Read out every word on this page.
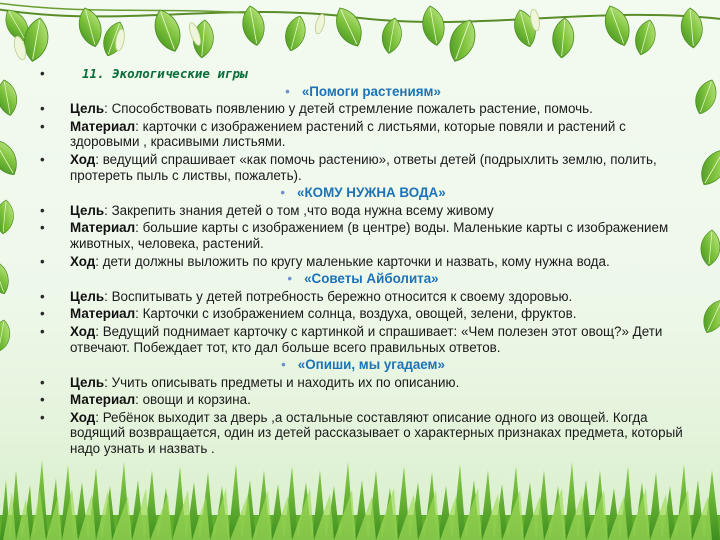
•	11. Экологические игры
• «Помоги растениям»
• Цель: Способствовать появлению у детей стремление пожалеть растение, помочь.
• Материал: карточки с изображением растений с листьями, которые повяли и растений с здоровыми , красивыми листьями.
• Ход: ведущий спрашивает «как помочь растению», ответы детей (подрыхлить землю, полить, протереть пыль с листвы, пожалеть).
• «КОМУ НУЖНА ВОДА»
• Цель: Закрепить знания детей о том ,что вода нужна всему живому
• Материал: большие карты с изображением (в центре) воды. Маленькие карты с изображением животных, человека, растений.
• Ход: дети должны выложить по кругу маленькие карточки и назвать, кому нужна вода.
• «Советы Айболита»
• Цель: Воспитывать у детей потребность бережно относится к своему здоровью.
• Материал: Карточки с изображением солнца, воздуха, овощей, зелени, фруктов.
• Ход: Ведущий поднимает карточку с картинкой и спрашивает: «Чем полезен этот овощ?» Дети отвечают. Побеждает тот, кто дал больше всего правильных ответов.
• «Опиши, мы угадаем»
• Цель: Учить описывать предметы и находить их по описанию.
• Материал: овощи и корзина.
• Ход: Ребёнок выходит за дверь ,а остальные составляют описание одного из овощей. Когда водящий возвращается, один из детей рассказывает о характерных признаках предмета, который надо узнать и назвать .
